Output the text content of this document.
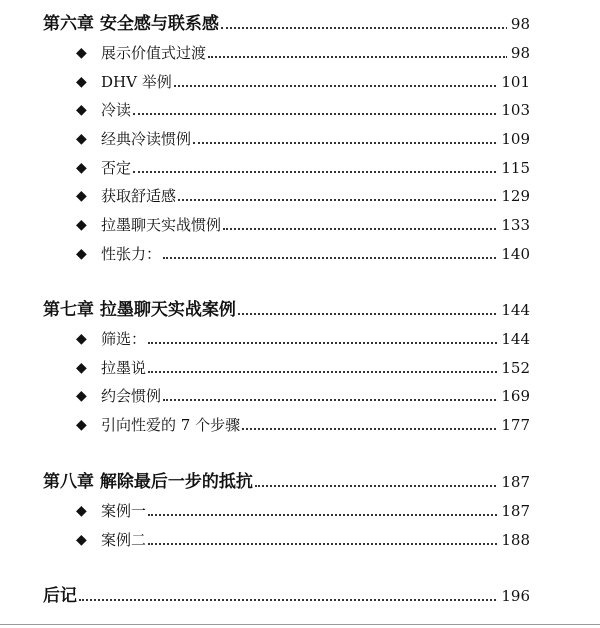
第六章 安全感与联系感	98
◆ 展示价值式过渡	98
◆ DHV 举例	101
◆ 冷读	103
◆ 经典冷读惯例	109
◆ 否定	115
◆ 获取舒适感	129
◆ 拉墨聊天实战惯例	133
◆ 性张力：	140
第七章 拉墨聊天实战案例	144
◆ 筛选：	144
◆ 拉墨说	152
◆ 约会惯例	169
◆ 引向性爱的 7 个步骤	177
第八章 解除最后一步的抵抗	187
◆ 案例一	187
◆ 案例二	188
后记	196
